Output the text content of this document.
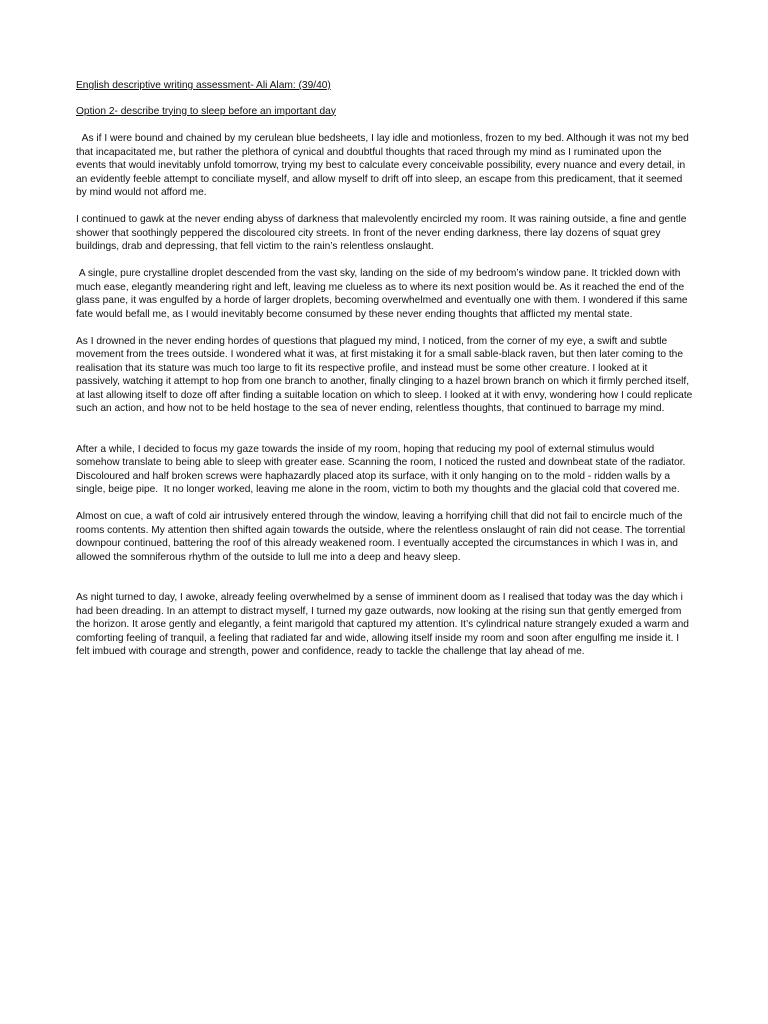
English descriptive writing assessment- Ali Alam: (39/40)

Option 2- describe trying to sleep before an important day

As if I were bound and chained by my cerulean blue bedsheets, I lay idle and motionless, frozen to my bed. Although it was not my bed that incapacitated me, but rather the plethora of cynical and doubtful thoughts that raced through my mind as I ruminated upon the events that would inevitably unfold tomorrow, trying my best to calculate every conceivable possibility, every nuance and every detail, in an evidently feeble attempt to conciliate myself, and allow myself to drift off into sleep, an escape from this predicament, that it seemed by mind would not afford me.

I continued to gawk at the never ending abyss of darkness that malevolently encircled my room. It was raining outside, a fine and gentle shower that soothingly peppered the discoloured city streets. In front of the never ending darkness, there lay dozens of squat grey buildings, drab and depressing, that fell victim to the rain’s relentless onslaught.

A single, pure crystalline droplet descended from the vast sky, landing on the side of my bedroom’s window pane. It trickled down with much ease, elegantly meandering right and left, leaving me clueless as to where its next position would be. As it reached the end of the glass pane, it was engulfed by a horde of larger droplets, becoming overwhelmed and eventually one with them. I wondered if this same fate would befall me, as I would inevitably become consumed by these never ending thoughts that afflicted my mental state.

As I drowned in the never ending hordes of questions that plagued my mind, I noticed, from the corner of my eye, a swift and subtle movement from the trees outside. I wondered what it was, at first mistaking it for a small sable-black raven, but then later coming to the realisation that its stature was much too large to fit its respective profile, and instead must be some other creature. I looked at it passively, watching it attempt to hop from one branch to another, finally clinging to a hazel brown branch on which it firmly perched itself, at last allowing itself to doze off after finding a suitable location on which to sleep. I looked at it with envy, wondering how I could replicate such an action, and how not to be held hostage to the sea of never ending, relentless thoughts, that continued to barrage my mind.

After a while, I decided to focus my gaze towards the inside of my room, hoping that reducing my pool of external stimulus would somehow translate to being able to sleep with greater ease. Scanning the room, I noticed the rusted and downbeat state of the radiator. Discoloured and half broken screws were haphazardly placed atop its surface, with it only hanging on to the mold - ridden walls by a single, beige pipe.  It no longer worked, leaving me alone in the room, victim to both my thoughts and the glacial cold that covered me.

Almost on cue, a waft of cold air intrusively entered through the window, leaving a horrifying chill that did not fail to encircle much of the rooms contents. My attention then shifted again towards the outside, where the relentless onslaught of rain did not cease. The torrential downpour continued, battering the roof of this already weakened room. I eventually accepted the circumstances in which I was in, and allowed the somniferous rhythm of the outside to lull me into a deep and heavy sleep.

As night turned to day, I awoke, already feeling overwhelmed by a sense of imminent doom as I realised that today was the day which i had been dreading. In an attempt to distract myself, I turned my gaze outwards, now looking at the rising sun that gently emerged from the horizon. It arose gently and elegantly, a feint marigold that captured my attention. It’s cylindrical nature strangely exuded a warm and comforting feeling of tranquil, a feeling that radiated far and wide, allowing itself inside my room and soon after engulfing me inside it. I felt imbued with courage and strength, power and confidence, ready to tackle the challenge that lay ahead of me.
